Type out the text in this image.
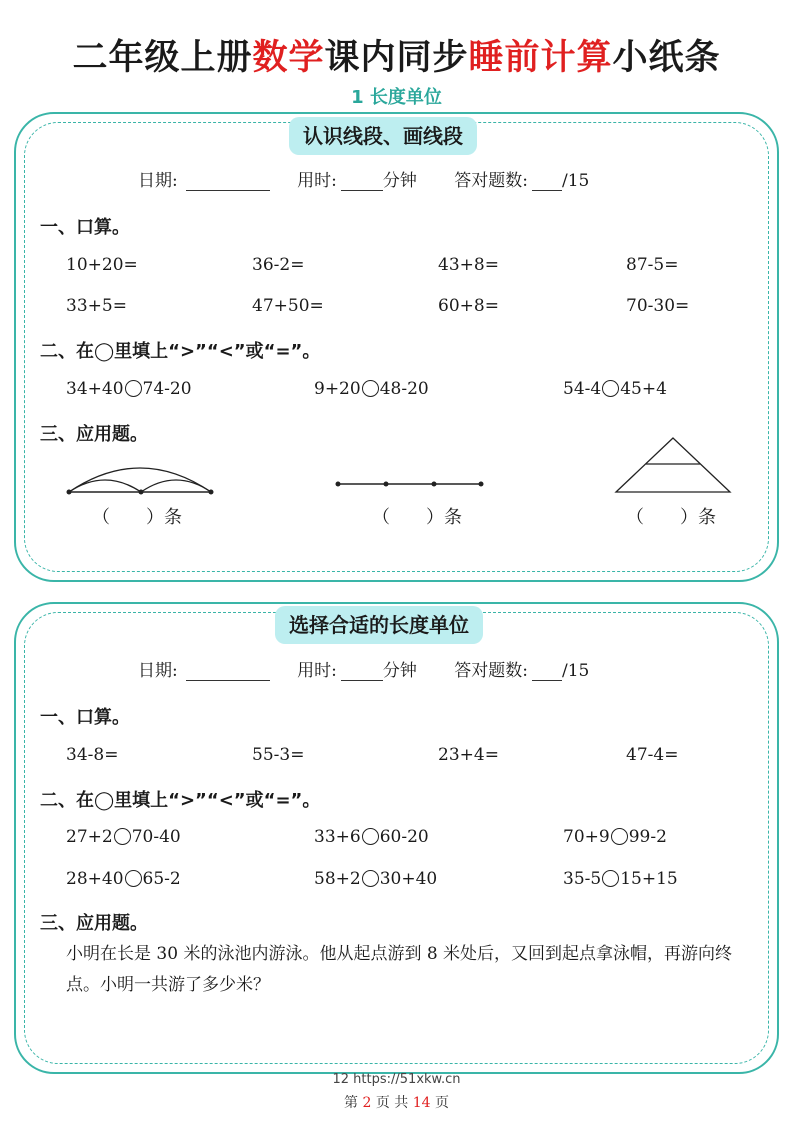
二年级上册数学课内同步睡前计算小纸条
1 长度单位
认识线段、画线段
日期:	用时:	分钟 答对题数: /15
一、口算。
10+20=	36-2=	43+8=	87-5=
33+5=	47+50=	60+8=	70-30=
二、在◯里填上“>”“<”或“=”。
34+40 74-20	9+20 48-20	54-4 45+4
三、应用题。
（　　）条	（　　）条	（　　）条
选择合适的长度单位
日期:	用时:	分钟 答对题数: /15
一、口算。
34-8=	55-3=	23+4=	47-4=
二、在◯里填上“>”“<”或“=”。
27+2 70-40	33+6 60-20	70+9 99-2
28+40 65-2	58+2 30+40	35-5 15+15
三、应用题。
小明在长是 30 米的泳池内游泳。他从起点游到 8 米处后，又回到起点拿泳帽，再游向终点。小明一共游了多少米？
12 https://51xkw.cn
第 2 页 共 14 页
